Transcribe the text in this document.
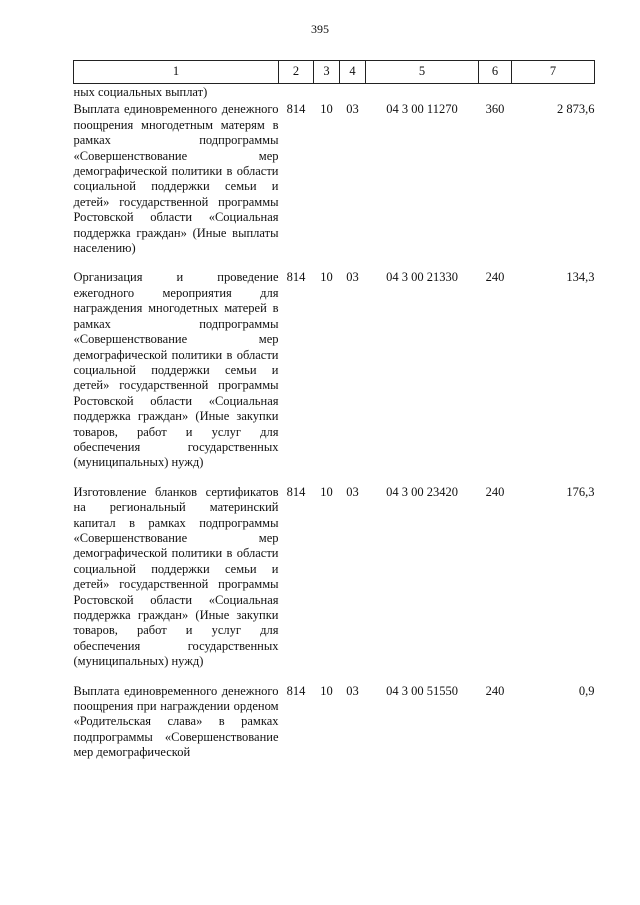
395
1	2	3	4	5	6	7
ных социальных выплат)						
Выплата единовременного денежного поощрения многодетным матерям в рамках подпрограммы «Совершенствование мер демографической политики в области социальной поддержки семьи и детей» государственной программы Ростовской области «Социальная поддержка граждан» (Иные выплаты населению)	814	10	03	04 3 00 11270	360	2 873,6
Организация и проведение ежегодного мероприятия для награждения многодетных матерей в рамках подпрограммы «Совершенствование мер демографической политики в области социальной поддержки семьи и детей» государственной программы Ростовской области «Социальная поддержка граждан» (Иные закупки товаров, работ и услуг для обеспечения государственных (муниципальных) нужд)	814	10	03	04 3 00 21330	240	134,3
Изготовление бланков сертификатов на региональный материнский капитал в рамках подпрограммы «Совершенствование мер демографической политики в области социальной поддержки семьи и детей» государственной программы Ростовской области «Социальная поддержка граждан» (Иные закупки товаров, работ и услуг для обеспечения государственных (муниципальных) нужд)	814	10	03	04 3 00 23420	240	176,3
Выплата единовременного денежного поощрения при награждении орденом «Родительская слава» в рамках подпрограммы «Совершенствование мер демографической	814	10	03	04 3 00 51550	240	0,9
